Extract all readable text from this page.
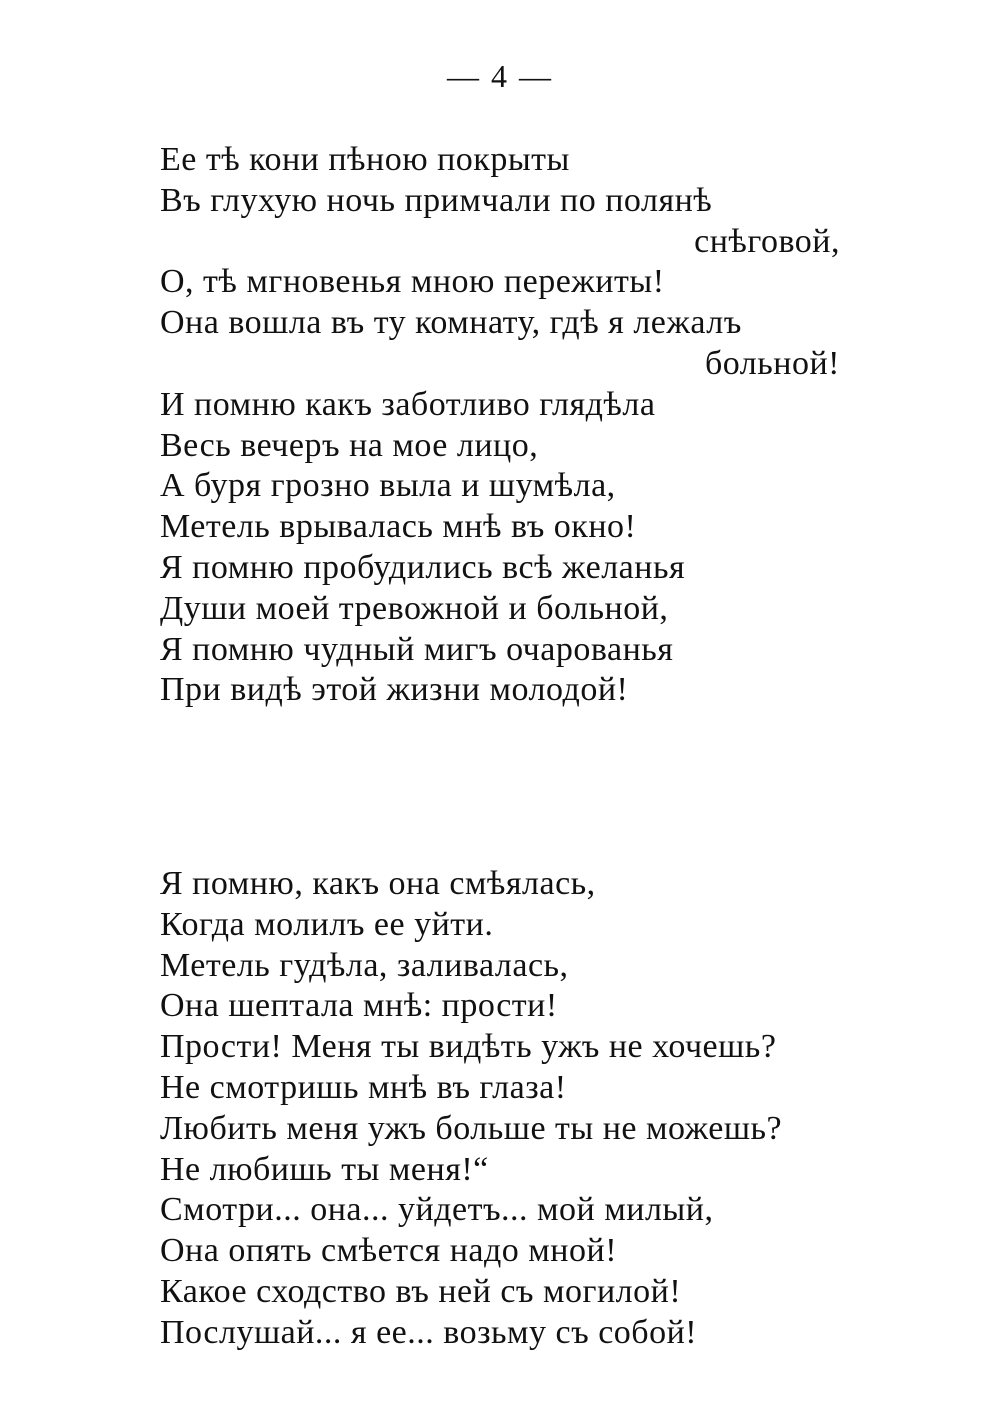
— 4 —
Ее тѣ кони пѣною покрыты
Въ глухую ночь примчали по полянѣ
снѣговой,
О, тѣ мгновенья мною пережиты!
Она вошла въ ту комнату, гдѣ я лежалъ
больной!
И помню какъ заботливо глядѣла
Весь вечеръ на мое лицо,
А буря грозно выла и шумѣла,
Метель врывалась мнѣ въ окно!
Я помню пробудились всѣ желанья
Души моей тревожной и больной,
Я помню чудный мигъ очарованья
При видѣ этой жизни молодой!
Я помню, какъ она смѣялась,
Когда молилъ ее уйти.
Метель гудѣла, заливалась,
Она шептала мнѣ: прости!
Прости! Меня ты видѣть ужъ не хочешь?
Не смотришь мнѣ въ глаза!
Любить меня ужъ больше ты не можешь?
Не любишь ты меня!“
Смотри... она... уйдетъ... мой милый,
Она опять смѣется надо мной!
Какое сходство въ ней съ могилой!
Послушай... я ее... возьму съ собой!
